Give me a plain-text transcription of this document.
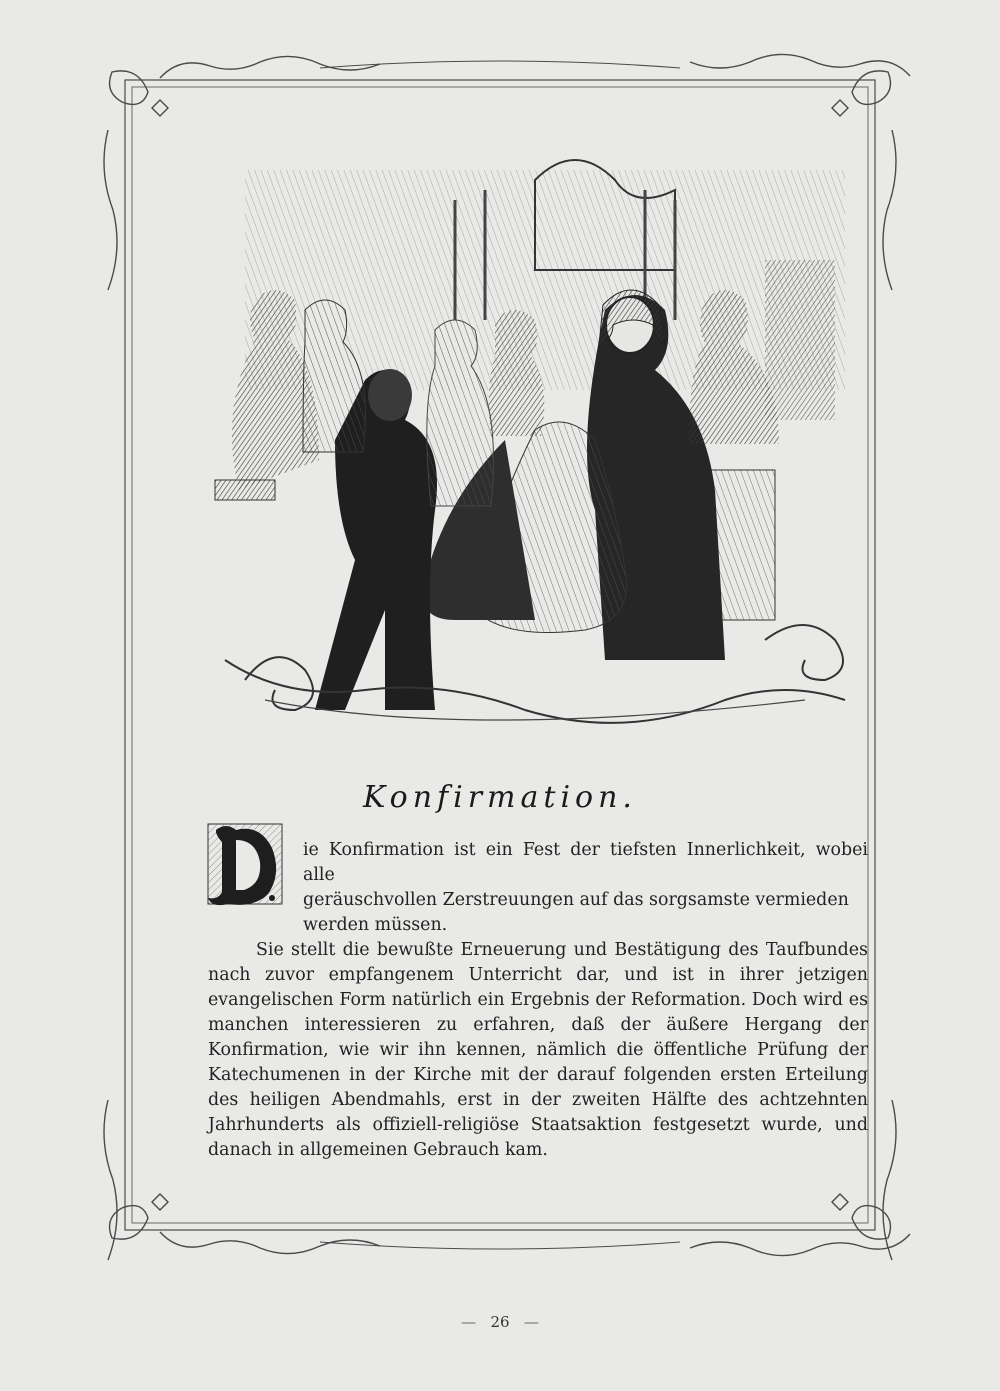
Konfirmation.

ie Konfirmation ist ein Fest der tiefsten Innerlichkeit, wobei alle
geräuschvollen Zerstreuungen auf das sorgsamste vermieden
werden müssen.

Sie stellt die bewußte Erneuerung und Bestätigung des Taufbundes nach zuvor empfangenem Unterricht dar, und ist in ihrer jetzigen evangelischen Form natürlich ein Ergebnis der Reformation. Doch wird es manchen interessieren zu erfahren, daß der äußere Hergang der Konfirmation, wie wir ihn kennen, nämlich die öffentliche Prüfung der Katechumenen in der Kirche mit der darauf folgenden ersten Erteilung des heiligen Abendmahls, erst in der zweiten Hälfte des achtzehnten Jahrhunderts als offiziell-religiöse Staatsaktion festgesetzt wurde, und danach in allgemeinen Gebrauch kam.

— 26 —
